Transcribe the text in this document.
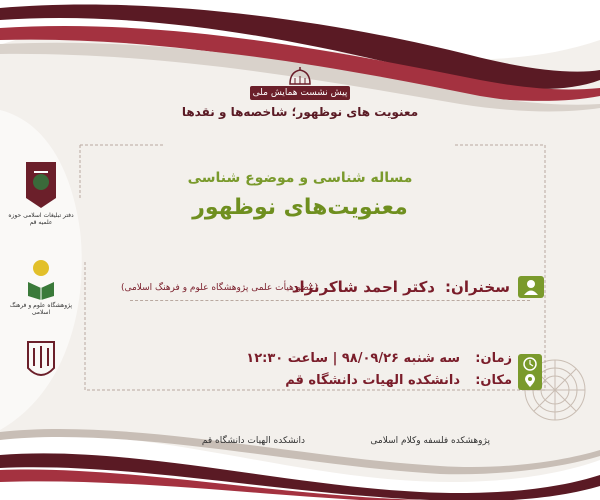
پیش نشست همایش ملی
معنویت های نوظهور؛ شاخصه‌ها و نقدها
مساله شناسی و موضوع شناسی
معنویت‌های نوظهور
سخنران:
دکتر احمد شاکرنژاد
(عضو هیأت علمی پژوهشگاه علوم و فرهنگ اسلامی)
زمان:
سه شنبه ۹۸/۰۹/۲۶ | ساعت ۱۲:۳۰
مکان:
دانشکده الهیات دانشگاه قم
پژوهشکده فلسفه وکلام اسلامی
دانشکده الهیات دانشگاه قم
دفتر تبلیغات اسلامی حوزه علمیه قم
پژوهشگاه علوم و فرهنگ اسلامی
